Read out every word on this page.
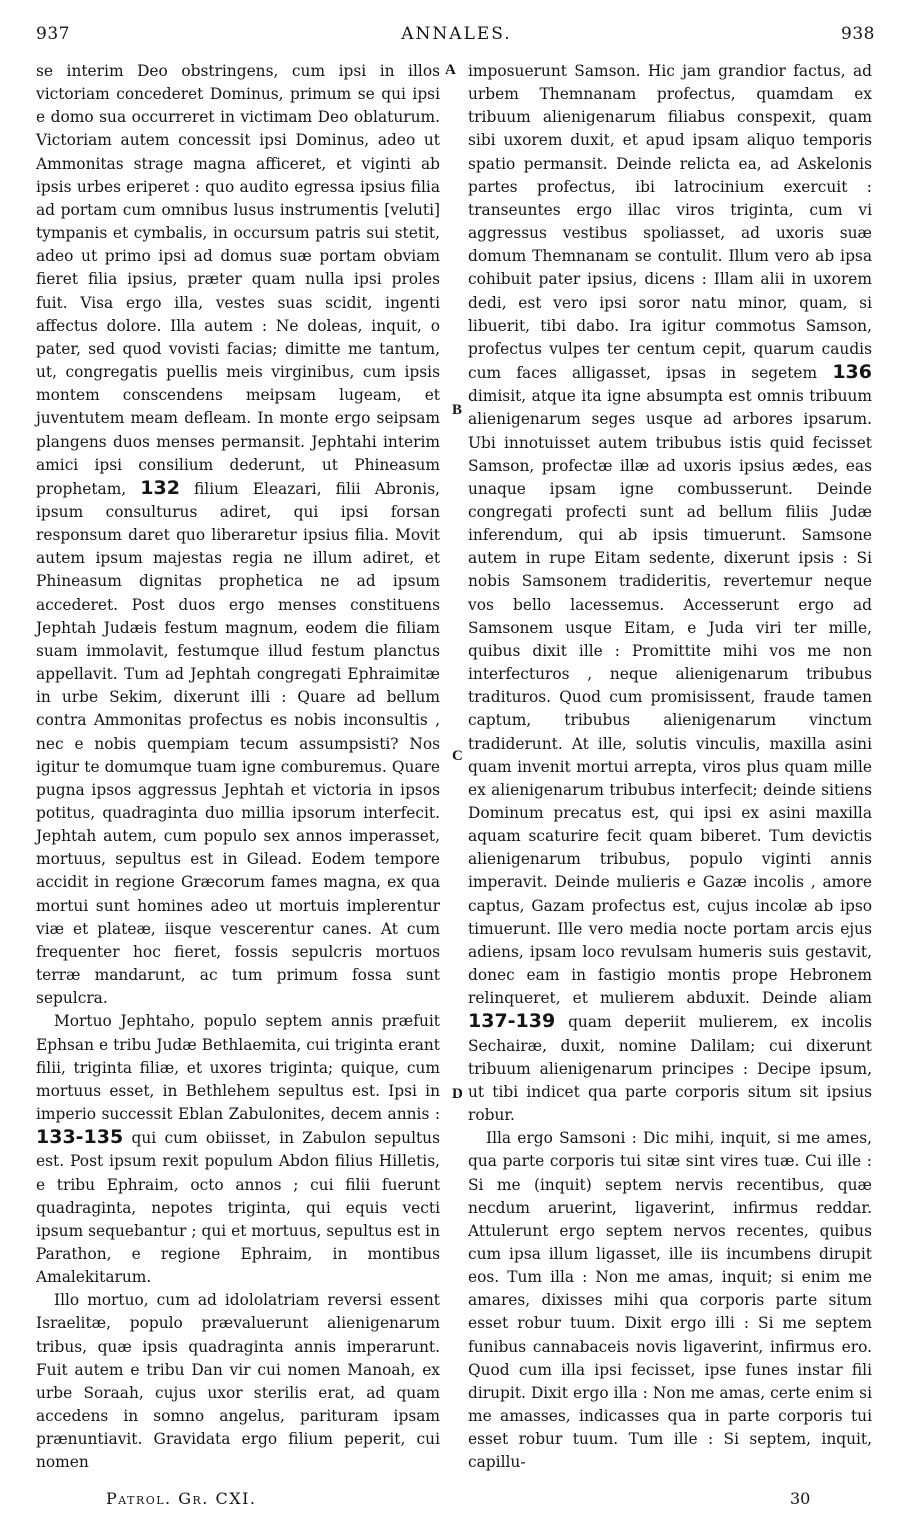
937	ANNALES.	938
A
B
C
D

se interim Deo obstringens, cum ipsi in illos victoriam concederet Dominus, primum se qui ipsi e domo sua occurreret in victimam Deo oblaturum. Victoriam autem concessit ipsi Dominus, adeo ut Ammonitas strage magna afficeret, et viginti ab ipsis urbes eriperet : quo audito egressa ipsius filia ad portam cum omnibus lusus instrumentis [veluti] tympanis et cymbalis, in occursum patris sui stetit, adeo ut primo ipsi ad domus suæ portam obviam fieret filia ipsius, præter quam nulla ipsi proles fuit. Visa ergo illa, vestes suas scidit, ingenti affectus dolore. Illa autem : Ne doleas, inquit, o pater, sed quod vovisti facias; dimitte me tantum, ut, congregatis puellis meis virginibus, cum ipsis montem conscendens meipsam lugeam, et juventutem meam defleam. In monte ergo seipsam plangens duos menses permansit. Jephtahi interim amici ipsi consilium dederunt, ut Phineasum prophetam, 132 filium Eleazari, filii Abronis, ipsum consulturus adiret, qui ipsi forsan responsum daret quo liberaretur ipsius filia. Movit autem ipsum majestas regia ne illum adiret, et Phineasum dignitas prophetica ne ad ipsum accederet. Post duos ergo menses constituens Jephtah Judæis festum magnum, eodem die filiam suam immolavit, festumque illud festum planctus appellavit. Tum ad Jephtah congregati Ephraimitæ in urbe Sekim, dixerunt illi : Quare ad bellum contra Ammonitas profectus es nobis inconsultis , nec e nobis quempiam tecum assumpsisti? Nos igitur te domumque tuam igne comburemus. Quare pugna ipsos aggressus Jephtah et victoria in ipsos potitus, quadraginta duo millia ipsorum interfecit. Jephtah autem, cum populo sex annos imperasset, mortuus, sepultus est in Gilead. Eodem tempore accidit in regione Græcorum fames magna, ex qua mortui sunt homines adeo ut mortuis implerentur viæ et plateæ, iisque vescerentur canes. At cum frequenter hoc fieret, fossis sepulcris mortuos terræ mandarunt, ac tum primum fossa sunt sepulcra.

Mortuo Jephtaho, populo septem annis præfuit Ephsan e tribu Judæ Bethlaemita, cui triginta erant filii, triginta filiæ, et uxores triginta; quique, cum mortuus esset, in Bethlehem sepultus est. Ipsi in imperio successit Eblan Zabulonites, decem annis : 133-135 qui cum obiisset, in Zabulon sepultus est. Post ipsum rexit populum Abdon filius Hilletis, e tribu Ephraim, octo annos ; cui filii fuerunt quadraginta, nepotes triginta, qui equis vecti ipsum sequebantur ; qui et mortuus, sepultus est in Parathon, e regione Ephraim, in montibus Amalekitarum.

Illo mortuo, cum ad idololatriam reversi essent Israelitæ, populo prævaluerunt alienigenarum tribus, quæ ipsis quadraginta annis imperarunt. Fuit autem e tribu Dan vir cui nomen Manoah, ex urbe Soraah, cujus uxor sterilis erat, ad quam accedens in somno angelus, parituram ipsam prænuntiavit. Gravidata ergo filium peperit, cui nomen

imposuerunt Samson. Hic jam grandior factus, ad urbem Themnanam profectus, quamdam ex tribuum alienigenarum filiabus conspexit, quam sibi uxorem duxit, et apud ipsam aliquo temporis spatio permansit. Deinde relicta ea, ad Askelonis partes profectus, ibi latrocinium exercuit : transeuntes ergo illac viros triginta, cum vi aggressus vestibus spoliasset, ad uxoris suæ domum Themnanam se contulit. Illum vero ab ipsa cohibuit pater ipsius, dicens : Illam alii in uxorem dedi, est vero ipsi soror natu minor, quam, si libuerit, tibi dabo. Ira igitur commotus Samson, profectus vulpes ter centum cepit, quarum caudis cum faces alligasset, ipsas in segetem 136 dimisit, atque ita igne absumpta est omnis tribuum alienigenarum seges usque ad arbores ipsarum. Ubi innotuisset autem tribubus istis quid fecisset Samson, profectæ illæ ad uxoris ipsius ædes, eas unaque ipsam igne combusserunt. Deinde congregati profecti sunt ad bellum filiis Judæ inferendum, qui ab ipsis timuerunt. Samsone autem in rupe Eitam sedente, dixerunt ipsis : Si nobis Samsonem tradideritis, revertemur neque vos bello lacessemus. Accesserunt ergo ad Samsonem usque Eitam, e Juda viri ter mille, quibus dixit ille : Promittite mihi vos me non interfecturos , neque alienigenarum tribubus tradituros. Quod cum promisissent, fraude tamen captum, tribubus alienigenarum vinctum tradiderunt. At ille, solutis vinculis, maxilla asini quam invenit mortui arrepta, viros plus quam mille ex alienigenarum tribubus interfecit; deinde sitiens Dominum precatus est, qui ipsi ex asini maxilla aquam scaturire fecit quam biberet. Tum devictis alienigenarum tribubus, populo viginti annis imperavit. Deinde mulieris e Gazæ incolis , amore captus, Gazam profectus est, cujus incolæ ab ipso timuerunt. Ille vero media nocte portam arcis ejus adiens, ipsam loco revulsam humeris suis gestavit, donec eam in fastigio montis prope Hebronem relinqueret, et mulierem abduxit. Deinde aliam 137-139 quam deperiit mulierem, ex incolis Sechairæ, duxit, nomine Dalilam; cui dixerunt tribuum alienigenarum principes : Decipe ipsum, ut tibi indicet qua parte corporis situm sit ipsius robur.

Illa ergo Samsoni : Dic mihi, inquit, si me ames, qua parte corporis tui sitæ sint vires tuæ. Cui ille : Si me (inquit) septem nervis recentibus, quæ necdum aruerint, ligaverint, infirmus reddar. Attulerunt ergo septem nervos recentes, quibus cum ipsa illum ligasset, ille iis incumbens dirupit eos. Tum illa : Non me amas, inquit; si enim me amares, dixisses mihi qua corporis parte situm esset robur tuum. Dixit ergo illi : Si me septem funibus cannabaceis novis ligaverint, infirmus ero. Quod cum illa ipsi fecisset, ipse funes instar fili dirupit. Dixit ergo illa : Non me amas, certe enim si me amasses, indicasses qua in parte corporis tui esset robur tuum. Tum ille : Si septem, inquit, capillu-

Patrol. Gr. CXI.	30
